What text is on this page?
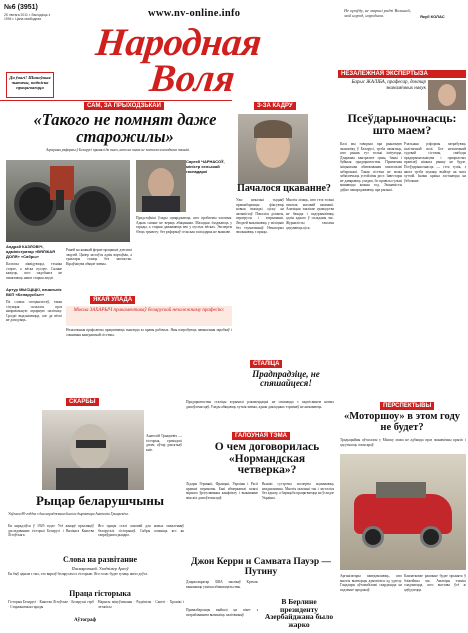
№6 (3951)
25 лютага 2011 г. Выходзіць з 1994 г. Цана свабодная
www.nv-online.info
Народная
Воля
Не праўду, не маркні радзі Вольнай, мой народ, народная.	Якуб КОЛАС
Да ўвагі! Шаноўныя чытачы, падпіска працягваецца
САМ, ЗА ПРЫХОДЗЬКАЙ
«Такого не помнят даже старожилы»
Аграрныя рэформы ў Беларусі прывялі да таго, што на палях не засталося ніводнага тэхнікі.
Сяргей ЧАРНАСОЎ, міністр сельскай гаспадаркі
Андрэй КАЗЛОВІЧ, адміністратар «ВЯЛІКАЯ ДОЛЯ» «Сябры»
Калгасы ліквідуюцца, тэхніка старэе, а вёска пусцее. Сяляне кажуць, што падобнага не памятаюць нават старыя людзі.
Артур МЫСЦІЦКІ, начальнік ВКП «Беларусбыт»
Па словах спецыялістаў, такая сітуацыя склалася праз няправільную аграрную палітыку. Сродкі выдзяляюцца, але да вёскі не даходзяць.
Раней на кожнай ферме працавалі дзесяткі людзей. Цяпер застаўся адзін вартаўнік, а трактары стаяць без запчастак. Кіраўніцтва абяцае змены.
Прадстаўнікі ўлады сцвярджаюць, што праблемы часовыя. Аднак сяляне не вераць абяцанням. Маладыя з'язджаюць у гарады, а старыя дажываюць век у пустых вёсках. Эксперты б'юць трывогу: без рэформаў сельская гаспадарка не выжыве.
ЯКАЯ УЛАДА
Мікола ЗАХАРЫЧ пракаментаваў беларускай незалежнаму прафесію:
Незалежныя прафсаюзы працягваюць змагацца за правы рабочых. Яны патрабуюць павышэння заробкаў і спынення кантрактнай сістэмы.
З-ЗА КАДРУ
Пачалося цкаванне?
Ужо некалькі тыдняў праваабаронцы фіксуюць новыя выпадкі ціску на актывістаў. Пачаліся допыты, ператрусы і затрыманні. Людзей выклікаюць у міліцыю без тлумачэнняў. Некаторых звальняюць з працы.
Многія лічаць, што гэта толькі пачатак масавай кампаніі. Апазіцыя заклікае грамадства не баяцца і падтрымліваць адзін аднаго ў складаны час. Журналісты таксама адчуваюць ціск.
НЕЗАЛЕЖНАЯ ЭКСПЕРТЫЗА
Барыс ЖАЛІБА, прафесар, доктар эканамічных навук
Псеўдарыночнасць: што маем?
Калі мы гаворым пра рыначную эканоміку ў Беларусі, трэба памятаць, што рынак тут толькі імітуецца. Дзяржава кантралюе цэны, банкі і буйныя прадпрыемствы. Прыватная ініцыятыва абмежаваная шматлікімі забаронамі. Такая сістэма не можа забяспечыць устойлівы рост. Інвестары не давяраюць уладам, бо правілы гульні мяняюцца кожны год. Эканамісты даўно папярэджваюць пра рызыкі.
Рэальныя рэформы патрабуюць палітычнай волі. Без незалежнай судовай сістэмы, свабоды прадпрымальніцтва і празрыстых правілаў ніякага рынку не будзе. Псеўдарыночнасць — гэта тупік, з якога трэба шукаць выйсце як мага хутчэй. Інакш краіна застанецца на ўзбочыне.
СТАЛІЦА
Прадпрадзіце, не спяшайцеся!
Прадпрыемствы сталіцы атрымалі рэкамендацыі не спяшацца з падпісаннем новых дамоўленасцяў. Улады абяцаюць хуткія змены, аднак дакладных тэрмінаў не называюць.
СКАРБЫ
Анатолій Грыцкевіч — гісторык, грамадскі дзеяч, аўтар дзясяткаў кніг.
Рыцар беларушчыны
Уяўляем 80-годдзя з дня нараджэння былога дырэктара Анатолія Грыцкевіча.
Ён нарадзіўся ў 1929 годзе. Усё жыццё прысвяціў даследаванню гісторыі Беларусі і Вялікага Княства Літоўскага.
Яго працы сталі асновай для новых пакаленняў беларускіх гісторыкаў. Сябры помняць яго як сапраўднага рыцара.
Слова на развітанне
Пасмяротнай. Уладзімер Арлоў
Ён быў адным з тых, хто вяртаў беларусам іх гісторыю. Яго голас будзе гучаць яшчэ доўга.
Праца гісторыка
Гісторыя Беларусі · Княства Літоўскае · Беларускі герб · Старажытныя гарады
Нарысы мінуўшчыны · Радзівілы · Сапегі · Хронікі і летапісы
Аўтограф
ГАЛОЎНАЯ ТЭМА
О чем договорилась «Нормандская четверка»?
Лідары Германіі, Францыі, Украіны і Расіі правялі перамовы. Бакі абмеркавалі шляхі мірнага ўрэгулявання канфлікту і выкананне мінскіх дамоўленасцяў.
Вынікі сустрэчы эксперты ацэньваюць неадназначна. Многія пытанні так і засталіся без адказу, а барацьба працягваецца на ўсходзе Украіны.
Джон Керри и Самвата Пауэр — Путину
Дзяржсакратар ЗША заклікаў Крэмль выконваць узятыя абавязацельствы.
В Берлине президенту Азербайджана было жарко
Праваабаронцы выйшлі на пікет з патрабаваннем вызваліць палітвязняў.
ПЕРСПЕКТЫВЫ
«Моторшоу» в этом году не будет?
Традыцыйны аўтасалон у Мінску можа не адбыцца праз эканамічны крызіс і адсутнасць спонсараў.
Арганізатары паведамляюць, што многія вытворцы адмовіліся ад удзелу. Гандляры аўтамабілямі скардзяцца на падзенне продажаў.
Канчатковае рашэнне будзе прынята ў бліжэйшы час. Аматары тэхнікі спадзяюцца, што выстава ўсё ж адбудзецца.
